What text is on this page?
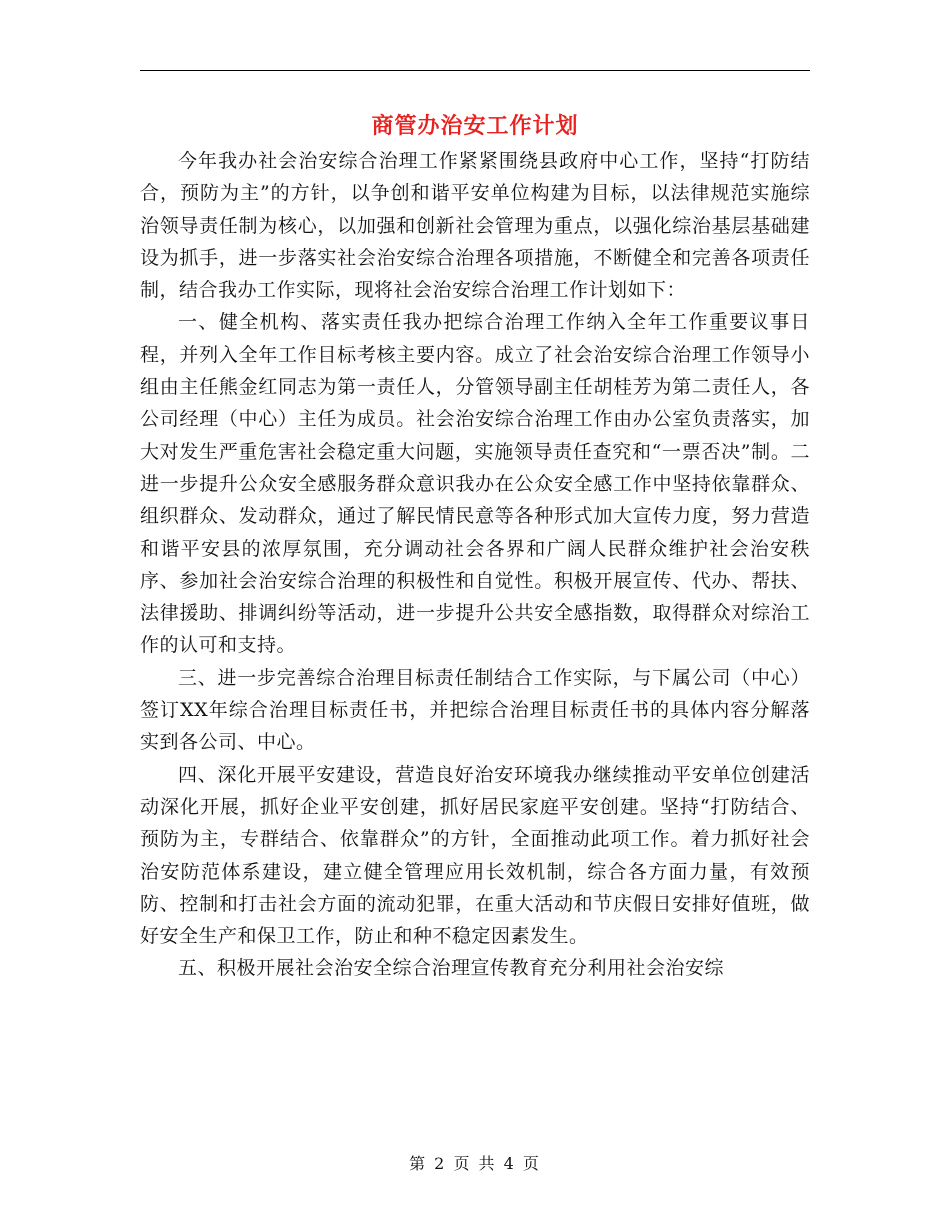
商管办治安工作计划

今年我办社会治安综合治理工作紧紧围绕县政府中心工作，坚持“打防结合，预防为主”的方针，以争创和谐平安单位构建为目标，以法律规范实施综治领导责任制为核心，以加强和创新社会管理为重点，以强化综治基层基础建设为抓手，进一步落实社会治安综合治理各项措施，不断健全和完善各项责任制，结合我办工作实际，现将社会治安综合治理工作计划如下：

一、健全机构、落实责任我办把综合治理工作纳入全年工作重要议事日程，并列入全年工作目标考核主要内容。成立了社会治安综合治理工作领导小组由主任熊金红同志为第一责任人，分管领导副主任胡桂芳为第二责任人，各公司经理（中心）主任为成员。社会治安综合治理工作由办公室负责落实，加大对发生严重危害社会稳定重大问题，实施领导责任查究和“一票否决”制。二进一步提升公众安全感服务群众意识我办在公众安全感工作中坚持依靠群众、组织群众、发动群众，通过了解民情民意等各种形式加大宣传力度，努力营造和谐平安县的浓厚氛围，充分调动社会各界和广阔人民群众维护社会治安秩序、参加社会治安综合治理的积极性和自觉性。积极开展宣传、代办、帮扶、法律援助、排调纠纷等活动，进一步提升公共安全感指数，取得群众对综治工作的认可和支持。

三、进一步完善综合治理目标责任制结合工作实际，与下属公司（中心）签订XX年综合治理目标责任书，并把综合治理目标责任书的具体内容分解落实到各公司、中心。

四、深化开展平安建设，营造良好治安环境我办继续推动平安单位创建活动深化开展，抓好企业平安创建，抓好居民家庭平安创建。坚持“打防结合、预防为主，专群结合、依靠群众”的方针，全面推动此项工作。着力抓好社会治安防范体系建设，建立健全管理应用长效机制，综合各方面力量，有效预防、控制和打击社会方面的流动犯罪，在重大活动和节庆假日安排好值班，做好安全生产和保卫工作，防止和种不稳定因素发生。

五、积极开展社会治安全综合治理宣传教育充分利用社会治安综

第 2 页 共 4 页
